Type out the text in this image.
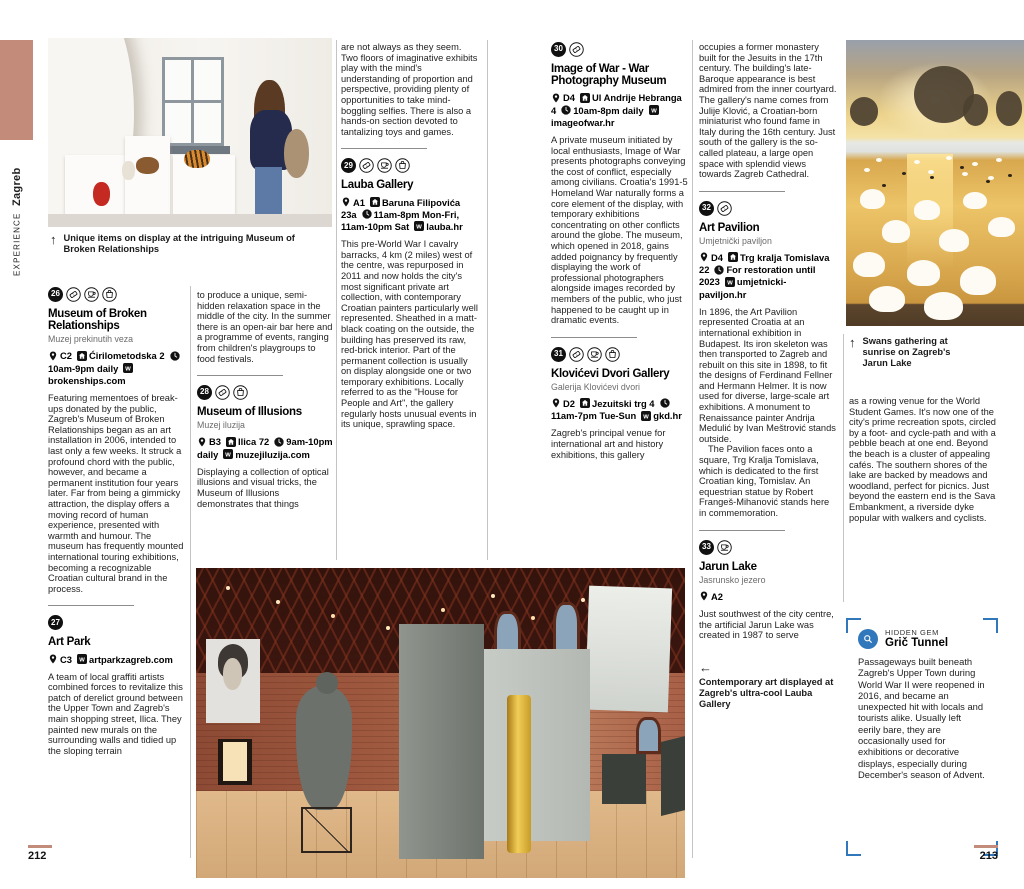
EXPERIENCE
Zagreb
↑ Unique items on display at the intriguing Museum of Broken Relationships
26
Museum of Broken Relationships

Muzej prekinutih veza

C2 Ćirilometodska 210am-9pm dailybrokenships.com

Featuring mementoes of break-ups donated by the public, Zagreb's Museum of Broken Relationships began as an art installation in 2006, intended to last only a few weeks. It struck a profound chord with the public, however, and became a permanent institution four years later. Far from being a gimmicky attraction, the display offers a moving record of human experience, presented with warmth and humour. The museum has frequently mounted international touring exhibitions, becoming a recognizable Croatian cultural brand in the process.

27
Art Park

C3 artparkzagreb.com

A team of local graffiti artists combined forces to revitalize this patch of derelict ground between the Upper Town and Zagreb's main shopping street, Ilica. They painted new murals on the surrounding walls and tidied up the sloping terrain

to produce a unique, semi-hidden relaxation space in the middle of the city. In the summer there is an open-air bar here and a programme of events, ranging from children's playgroups to food festivals.

28
Museum of Illusions

Muzej iluzija

B3 Ilica 72 9am-10pm daily muzejiluzija.com

Displaying a collection of optical illusions and visual tricks, the Museum of Illusions demonstrates that things

are not always as they seem. Two floors of imaginative exhibits play with the mind's understanding of proportion and perspective, providing plenty of opportunities to take mind-boggling selfies. There is also a hands-on section devoted to tantalizing toys and games.

29
Lauba Gallery

A1 Baruna Filipovića 23a 11am-8pm Mon-Fri, 11am-10pm Sat lauba.hr

This pre-World War I cavalry barracks, 4 km (2 miles) west of the centre, was repurposed in 2011 and now holds the city's most significant private art collection, with contemporary Croatian painters particularly well represented. Sheathed in a matt-black coating on the outside, the building has preserved its raw, red-brick interior. Part of the permanent collection is usually on display alongside one or two temporary exhibitions. Locally referred to as the "House for People and Art", the gallery regularly hosts unusual events in its unique, sprawling space.

30
Image of War - War Photography Museum

D4 Ul Andrije Hebranga 4 10am-8pm dailyimageofwar.hr

A private museum initiated by local enthusiasts, Image of War presents photographs conveying the cost of conflict, especially among civilians. Croatia's 1991-5 Homeland War naturally forms a core element of the display, with temporary exhibitions concentrating on other conflicts around the globe. The museum, which opened in 2018, gains added poignancy by frequently displaying the work of professional photographers alongside images recorded by members of the public, who just happened to be caught up in dramatic events.

31
Klovićevi Dvori Gallery

Galerija Klovićevi dvori

D2 Jezuitski trg 411am-7pm Tue-Sun gkd.hr

Zagreb's principal venue for international art and history exhibitions, this gallery

occupies a former monastery built for the Jesuits in the 17th century. The building's late-Baroque appearance is best admired from the inner courtyard. The gallery's name comes from Julije Klović, a Croatian-born miniaturist who found fame in Italy during the 16th century. Just south of the gallery is the so-called plateau, a large open space with splendid views towards Zagreb Cathedral.

32
Art Pavilion

Umjetnički paviljon

D4 Trg kralja Tomislava 22 For restoration until 2023 umjetnicki-paviljon.hr

In 1896, the Art Pavilion represented Croatia at an international exhibition in Budapest. Its iron skeleton was then transported to Zagreb and rebuilt on this site in 1898, to fit the designs of Ferdinand Fellner and Hermann Helmer. It is now used for diverse, large-scale art exhibitions. A monument to Renaissance painter Andrija Medulić by Ivan Meštrović stands outside.

The Pavilion faces onto a square, Trg Kralja Tomislava, which is dedicated to the first Croatian king, Tomislav. An equestrian statue by Robert Frangeš-Mihanović stands here in commemoration.

33
Jarun Lake

Jasrunsko jezero

A2

Just southwest of the city centre, the artificial Jarun Lake was created in 1987 to serve

←
Contemporary art displayed at Zagreb's ultra-cool Lauba Gallery
↑ Swans gathering at sunrise on Zagreb's Jarun Lake

as a rowing venue for the World Student Games. It's now one of the city's prime recreation spots, circled by a foot- and cycle-path and with a pebble beach at one end. Beyond the beach is a cluster of appealing cafés. The southern shores of the lake are backed by meadows and woodland, perfect for picnics. Just beyond the eastern end is the Sava Embankment, a riverside dyke popular with walkers and cyclists.

HIDDEN GEM
Grič Tunnel

Passageways built beneath Zagreb's Upper Town during World War II were reopened in 2016, and became an unexpected hit with locals and tourists alike. Usually left eerily bare, they are occasionally used for exhibitions or decorative displays, especially during December's season of Advent.

212	213
